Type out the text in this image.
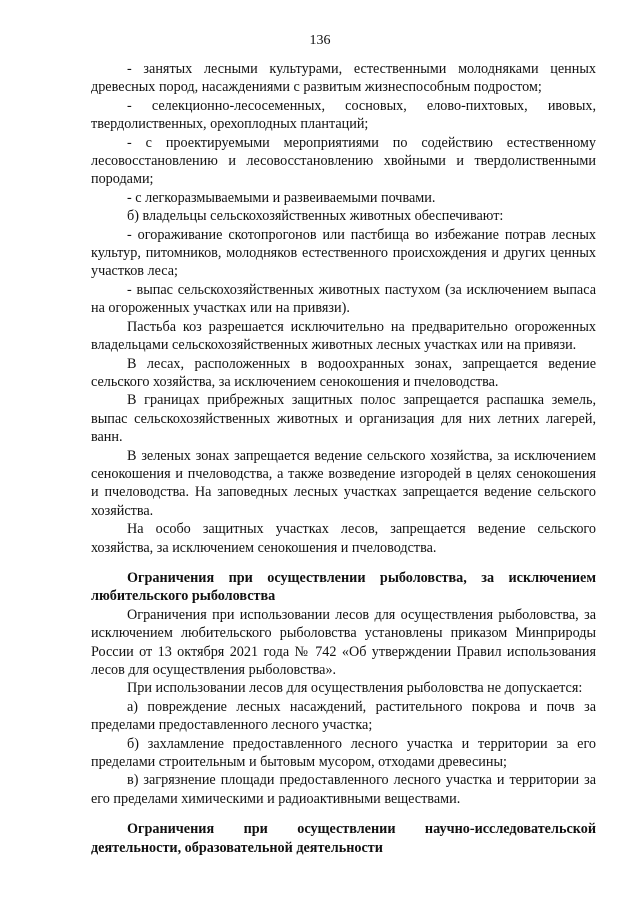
136

- занятых лесными культурами, естественными молодняками ценных древесных пород, насаждениями с развитым жизнеспособным подростом;

- селекционно-лесосеменных, сосновых, елово-пихтовых, ивовых, твердолиственных, орехоплодных плантаций;

- с проектируемыми мероприятиями по содействию естественному лесовосстановлению и лесовосстановлению хвойными и твердолиственными породами;

- с легкоразмываемыми и развеиваемыми почвами.

б) владельцы сельскохозяйственных животных обеспечивают:

- огораживание скотопрогонов или пастбища во избежание потрав лесных культур, питомников, молодняков естественного происхождения и других ценных участков леса;

- выпас сельскохозяйственных животных пастухом (за исключением выпаса на огороженных участках или на привязи).

Пастьба коз разрешается исключительно на предварительно огороженных владельцами сельскохозяйственных животных лесных участках или на привязи.

В лесах, расположенных в водоохранных зонах, запрещается ведение сельского хозяйства, за исключением сенокошения и пчеловодства.

В границах прибрежных защитных полос запрещается распашка земель, выпас сельскохозяйственных животных и организация для них летних лагерей, ванн.

В зеленых зонах запрещается ведение сельского хозяйства, за исключением сенокошения и пчеловодства, а также возведение изгородей в целях сенокошения и пчеловодства. На заповедных лесных участках запрещается ведение сельского хозяйства.

На особо защитных участках лесов, запрещается ведение сельского хозяйства, за исключением сенокошения и пчеловодства.

Ограничения при осуществлении рыболовства, за исключением любительского рыболовства

Ограничения при использовании лесов для осуществления рыболовства, за исключением любительского рыболовства установлены приказом Минприроды России от 13 октября 2021 года № 742 «Об утверждении Правил использования лесов для осуществления рыболовства».

При использовании лесов для осуществления рыболовства не допускается:

а) повреждение лесных насаждений, растительного покрова и почв за пределами предоставленного лесного участка;

б) захламление предоставленного лесного участка и территории за его пределами строительным и бытовым мусором, отходами древесины;

в) загрязнение площади предоставленного лесного участка и территории за его пределами химическими и радиоактивными веществами.

Ограничения при осуществлении научно-исследовательской деятельности, образовательной деятельности
